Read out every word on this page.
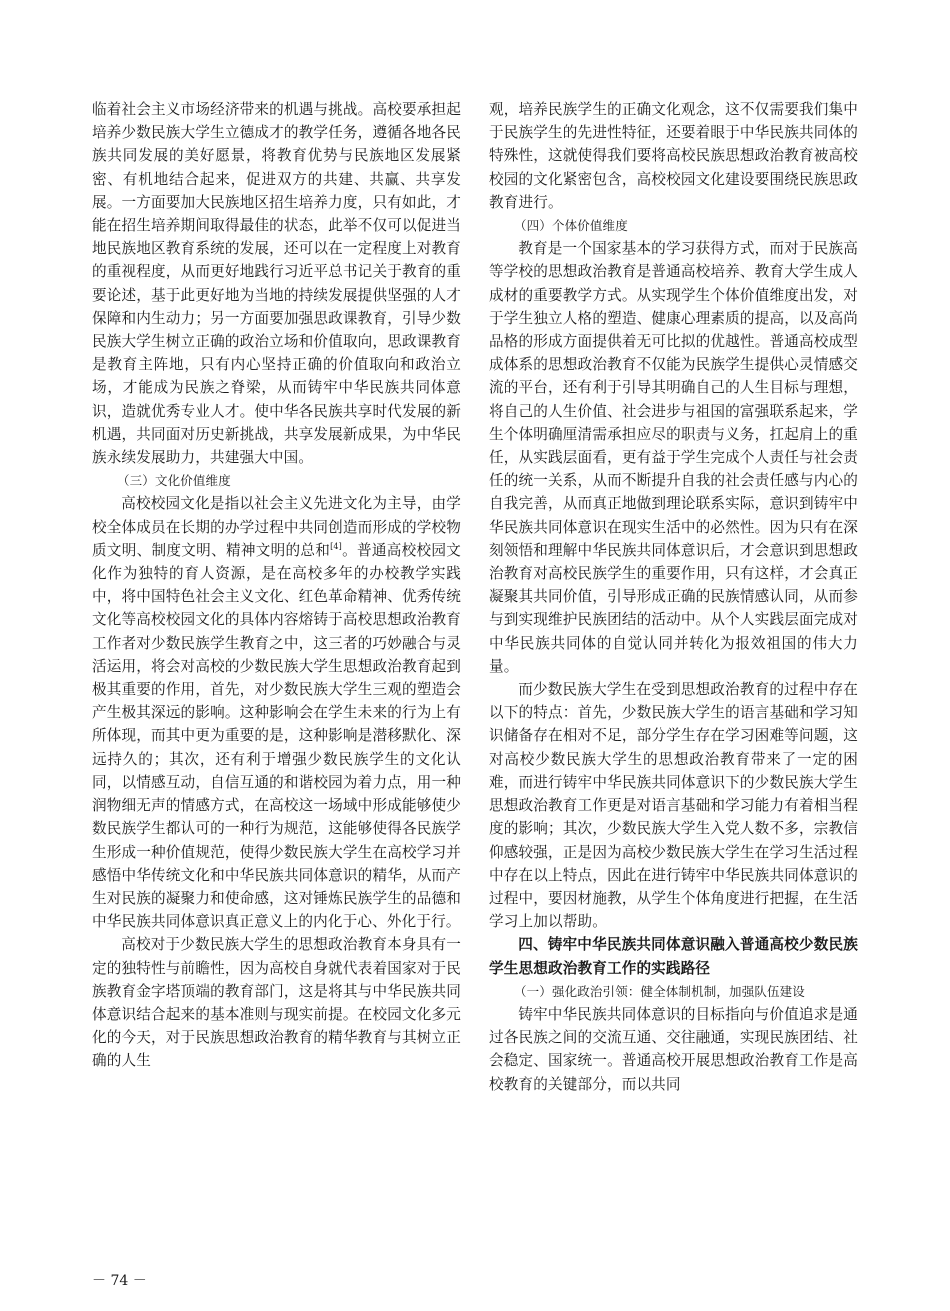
临着社会主义市场经济带来的机遇与挑战。高校要承担起培养少数民族大学生立德成才的教学任务，遵循各地各民族共同发展的美好愿景，将教育优势与民族地区发展紧密、有机地结合起来，促进双方的共建、共赢、共享发展。一方面要加大民族地区招生培养力度，只有如此，才能在招生培养期间取得最佳的状态，此举不仅可以促进当地民族地区教育系统的发展，还可以在一定程度上对教育的重视程度，从而更好地践行习近平总书记关于教育的重要论述，基于此更好地为当地的持续发展提供坚强的人才保障和内生动力；另一方面要加强思政课教育，引导少数民族大学生树立正确的政治立场和价值取向，思政课教育是教育主阵地，只有内心坚持正确的价值取向和政治立场，才能成为民族之脊梁，从而铸牢中华民族共同体意识，造就优秀专业人才。使中华各民族共享时代发展的新机遇，共同面对历史新挑战，共享发展新成果，为中华民族永续发展助力，共建强大中国。

（三）文化价值维度

高校校园文化是指以社会主义先进文化为主导，由学校全体成员在长期的办学过程中共同创造而形成的学校物质文明、制度文明、精神文明的总和[4]。普通高校校园文化作为独特的育人资源，是在高校多年的办校教学实践中，将中国特色社会主义文化、红色革命精神、优秀传统文化等高校校园文化的具体内容熔铸于高校思想政治教育工作者对少数民族学生教育之中，这三者的巧妙融合与灵活运用，将会对高校的少数民族大学生思想政治教育起到极其重要的作用，首先，对少数民族大学生三观的塑造会产生极其深远的影响。这种影响会在学生未来的行为上有所体现，而其中更为重要的是，这种影响是潜移默化、深远持久的；其次，还有利于增强少数民族学生的文化认同，以情感互动，自信互通的和谐校园为着力点，用一种润物细无声的情感方式，在高校这一场域中形成能够使少数民族学生都认可的一种行为规范，这能够使得各民族学生形成一种价值规范，使得少数民族大学生在高校学习并感悟中华传统文化和中华民族共同体意识的精华，从而产生对民族的凝聚力和使命感，这对锤炼民族学生的品德和中华民族共同体意识真正意义上的内化于心、外化于行。

高校对于少数民族大学生的思想政治教育本身具有一定的独特性与前瞻性，因为高校自身就代表着国家对于民族教育金字塔顶端的教育部门，这是将其与中华民族共同体意识结合起来的基本准则与现实前提。在校园文化多元化的今天，对于民族思想政治教育的精华教育与其树立正确的人生

观，培养民族学生的正确文化观念，这不仅需要我们集中于民族学生的先进性特征，还要着眼于中华民族共同体的特殊性，这就使得我们要将高校民族思想政治教育被高校校园的文化紧密包含，高校校园文化建设要围绕民族思政教育进行。

（四）个体价值维度

教育是一个国家基本的学习获得方式，而对于民族高等学校的思想政治教育是普通高校培养、教育大学生成人成材的重要教学方式。从实现学生个体价值维度出发，对于学生独立人格的塑造、健康心理素质的提高，以及高尚品格的形成方面提供着无可比拟的优越性。普通高校成型成体系的思想政治教育不仅能为民族学生提供心灵情感交流的平台，还有利于引导其明确自己的人生目标与理想，将自己的人生价值、社会进步与祖国的富强联系起来，学生个体明确厘清需承担应尽的职责与义务，扛起肩上的重任，从实践层面看，更有益于学生完成个人责任与社会责任的统一关系，从而不断提升自我的社会责任感与内心的自我完善，从而真正地做到理论联系实际，意识到铸牢中华民族共同体意识在现实生活中的必然性。因为只有在深刻领悟和理解中华民族共同体意识后，才会意识到思想政治教育对高校民族学生的重要作用，只有这样，才会真正凝聚其共同价值，引导形成正确的民族情感认同，从而参与到实现维护民族团结的活动中。从个人实践层面完成对中华民族共同体的自觉认同并转化为报效祖国的伟大力量。

而少数民族大学生在受到思想政治教育的过程中存在以下的特点：首先，少数民族大学生的语言基础和学习知识储备存在相对不足，部分学生存在学习困难等问题，这对高校少数民族大学生的思想政治教育带来了一定的困难，而进行铸牢中华民族共同体意识下的少数民族大学生思想政治教育工作更是对语言基础和学习能力有着相当程度的影响；其次，少数民族大学生入党人数不多，宗教信仰感较强，正是因为高校少数民族大学生在学习生活过程中存在以上特点，因此在进行铸牢中华民族共同体意识的过程中，要因材施教，从学生个体角度进行把握，在生活学习上加以帮助。

四、铸牢中华民族共同体意识融入普通高校少数民族学生思想政治教育工作的实践路径

（一）强化政治引领：健全体制机制，加强队伍建设

铸牢中华民族共同体意识的目标指向与价值追求是通过各民族之间的交流互通、交往融通，实现民族团结、社会稳定、国家统一。普通高校开展思想政治教育工作是高校教育的关键部分，而以共同

－ 74 －
